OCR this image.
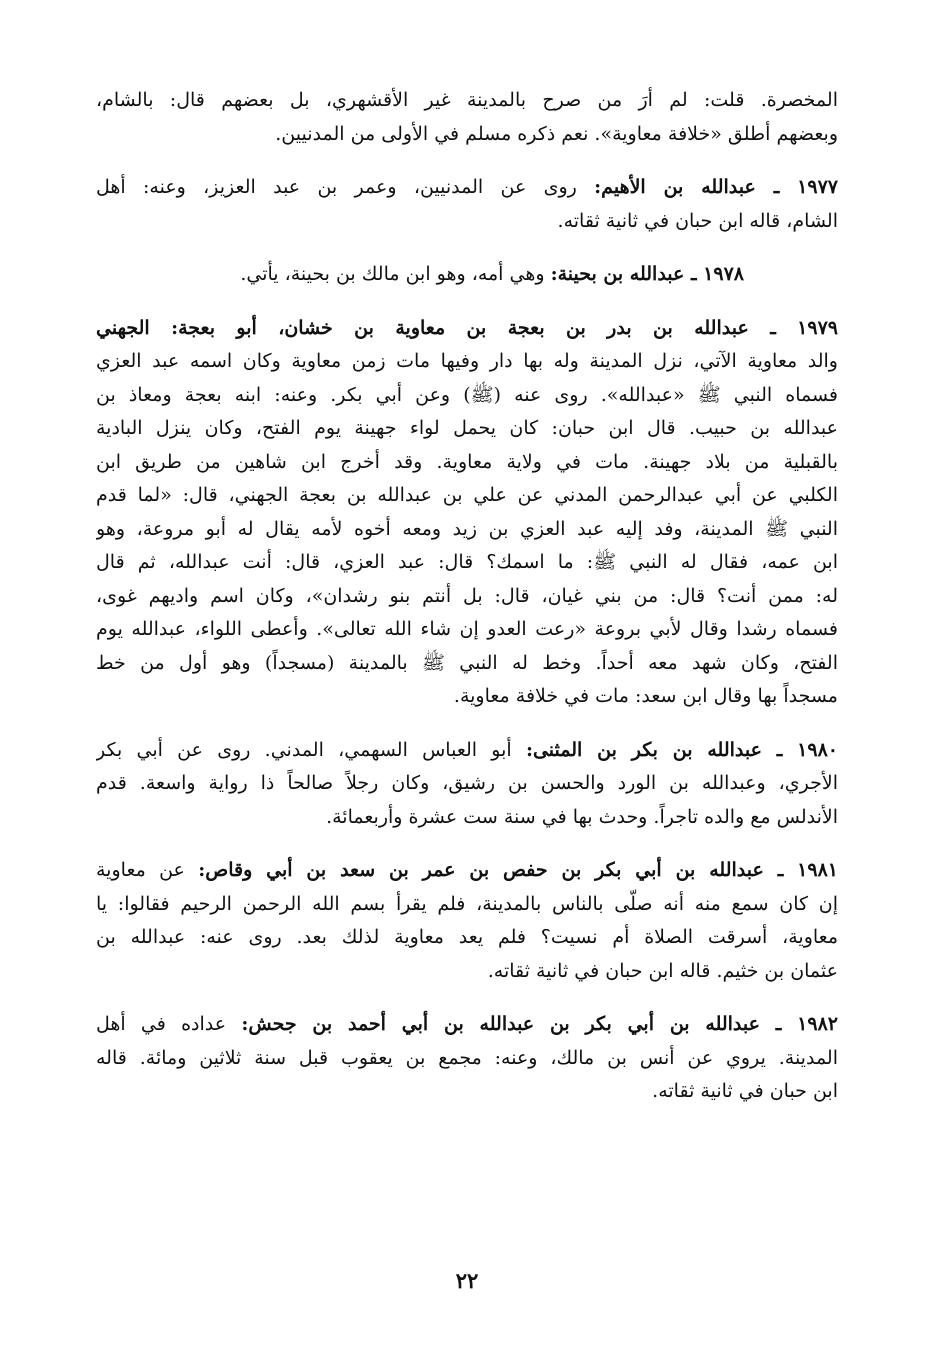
المخصرة. قلت: لم أرَ من صرح بالمدينة غير الأقشهري، بل بعضهم قال: بالشام،
وبعضهم أطلق «خلافة معاوية». نعم ذكره مسلم في الأولى من المدنيين.
١٩٧٧ ـ عبدالله بن الأهيم: روى عن المدنيين، وعمر بن عبد العزيز، وعنه: أهل
الشام، قاله ابن حبان في ثانية ثقاته.
١٩٧٨ ـ عبدالله بن بحينة: وهي أمه، وهو ابن مالك بن بحينة، يأتي.
١٩٧٩ ـ عبدالله بن بدر بن بعجة بن معاوية بن خشان، أبو بعجة: الجهني
والد معاوية الآتي، نزل المدينة وله بها دار وفيها مات زمن معاوية وكان اسمه عبد العزي
فسماه النبي ﷺ «عبدالله». روى عنه (ﷺ) وعن أبي بكر. وعنه: ابنه بعجة ومعاذ بن
عبدالله بن حبيب. قال ابن حبان: كان يحمل لواء جهينة يوم الفتح، وكان ينزل البادية
بالقبلية من بلاد جهينة. مات في ولاية معاوية. وقد أخرج ابن شاهين من طريق ابن
الكلبي عن أبي عبدالرحمن المدني عن علي بن عبدالله بن بعجة الجهني، قال: «لما قدم
النبي ﷺ المدينة، وفد إليه عبد العزي بن زيد ومعه أخوه لأمه يقال له أبو مروعة، وهو
ابن عمه، فقال له النبي ﷺ: ما اسمك؟ قال: عبد العزي، قال: أنت عبدالله، ثم قال
له: ممن أنت؟ قال: من بني غيان، قال: بل أنتم بنو رشدان»، وكان اسم واديهم غوى،
فسماه رشدا وقال لأبي بروعة «رعت العدو إن شاء الله تعالى». وأعطى اللواء، عبدالله يوم
الفتح، وكان شهد معه أحداً. وخط له النبي ﷺ بالمدينة (مسجداً) وهو أول من خط
مسجداً بها وقال ابن سعد: مات في خلافة معاوية.
١٩٨٠ ـ عبدالله بن بكر بن المثنى: أبو العباس السهمي، المدني. روى عن أبي بكر
الأجري، وعبدالله بن الورد والحسن بن رشيق، وكان رجلاً صالحاً ذا رواية واسعة. قدم
الأندلس مع والده تاجراً. وحدث بها في سنة ست عشرة وأربعمائة.
١٩٨١ ـ عبدالله بن أبي بكر بن حفص بن عمر بن سعد بن أبي وقاص: عن معاوية
إن كان سمع منه أنه صلّى بالناس بالمدينة، فلم يقرأ بسم الله الرحمن الرحيم فقالوا: يا
معاوية، أسرقت الصلاة أم نسيت؟ فلم يعد معاوية لذلك بعد. روى عنه: عبدالله بن
عثمان بن خثيم. قاله ابن حبان في ثانية ثقاته.
١٩٨٢ ـ عبدالله بن أبي بكر بن عبدالله بن أبي أحمد بن جحش: عداده في أهل
المدينة. يروي عن أنس بن مالك، وعنه: مجمع بن يعقوب قبل سنة ثلاثين ومائة. قاله
ابن حبان في ثانية ثقاته.
٢٢
